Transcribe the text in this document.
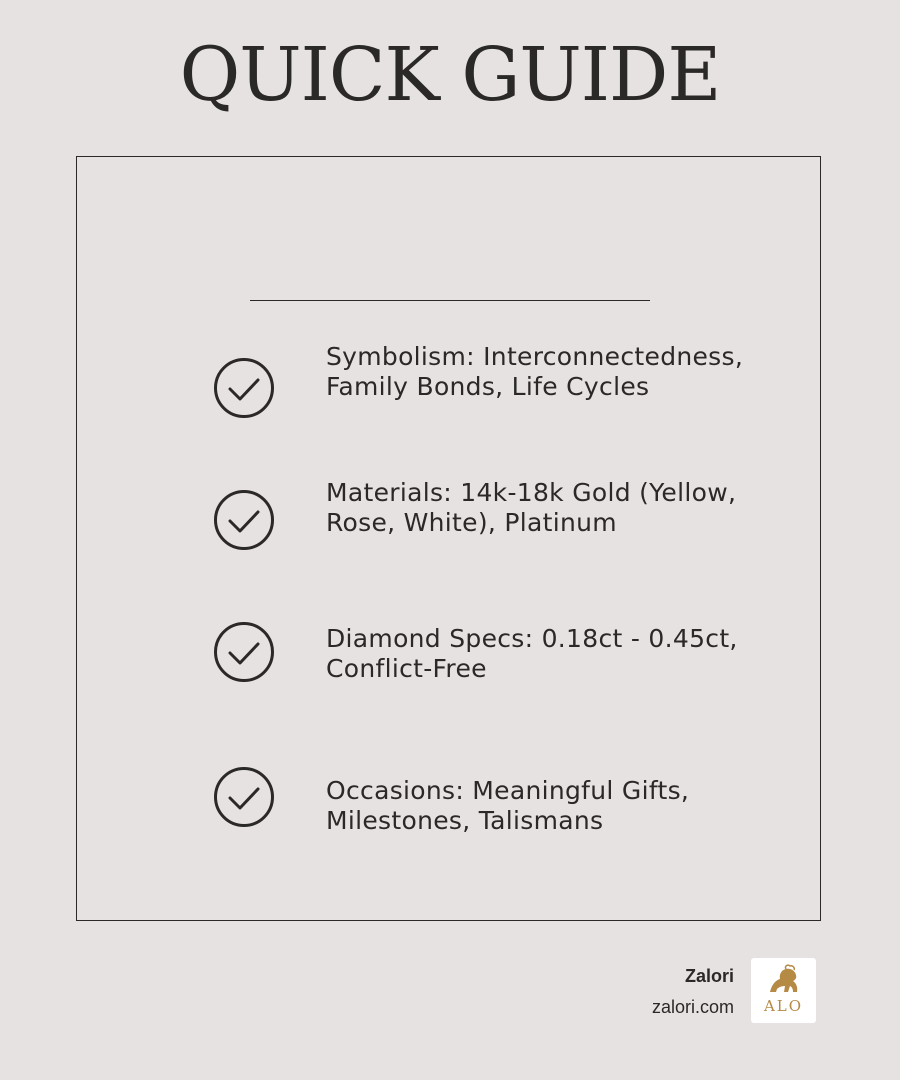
QUICK GUIDE
Symbolism: Interconnectedness, Family Bonds, Life Cycles
Materials: 14k-18k Gold (Yellow, Rose, White), Platinum
Diamond Specs: 0.18ct - 0.45ct, Conflict-Free
Occasions: Meaningful Gifts, Milestones, Talismans
Zalori
zalori.com	ALO
